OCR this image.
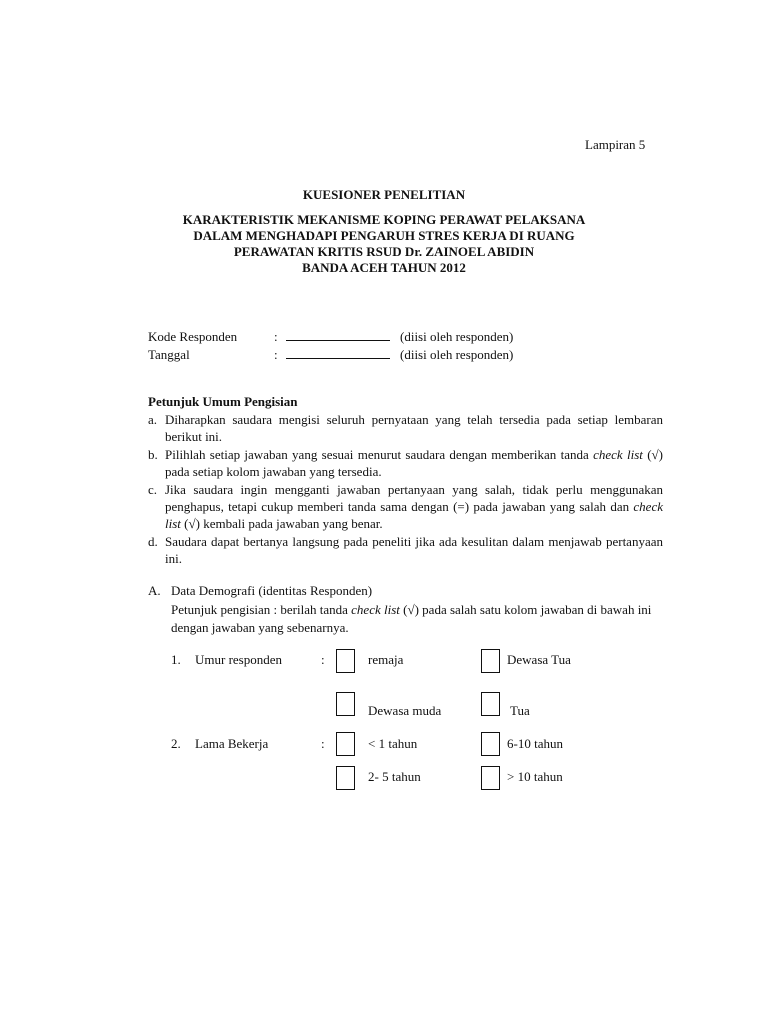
Lampiran 5
KUESIONER PENELITIAN
KARAKTERISTIK MEKANISME KOPING PERAWAT PELAKSANA
DALAM MENGHADAPI PENGARUH STRES KERJA DI RUANG
PERAWATAN KRITIS RSUD Dr. ZAINOEL ABIDIN
BANDA ACEH TAHUN 2012
Kode Responden	:	(diisi oleh responden)
Tanggal	:	(diisi oleh responden)
Petunjuk Umum Pengisian
a. Diharapkan saudara mengisi seluruh pernyataan yang telah tersedia pada setiap lembaran berikut ini.
b. Pilihlah setiap jawaban yang sesuai menurut saudara dengan memberikan tanda check list (√) pada setiap kolom jawaban yang tersedia.
c. Jika saudara ingin mengganti jawaban pertanyaan yang salah, tidak perlu menggunakan penghapus, tetapi cukup memberi tanda sama dengan (=) pada jawaban yang salah dan check list (√) kembali pada jawaban yang benar.
d. Saudara dapat bertanya langsung pada peneliti jika ada kesulitan dalam menjawab pertanyaan ini.
A. Data Demografi (identitas Responden)
Petunjuk pengisian : berilah tanda check list (√) pada salah satu kolom jawaban di bawah ini dengan jawaban yang sebenarnya.
1. Umur responden	:	remaja	Dewasa Tua
Dewasa muda	Tua
2. Lama Bekerja	:	< 1 tahun	6-10 tahun
2- 5 tahun	> 10 tahun
